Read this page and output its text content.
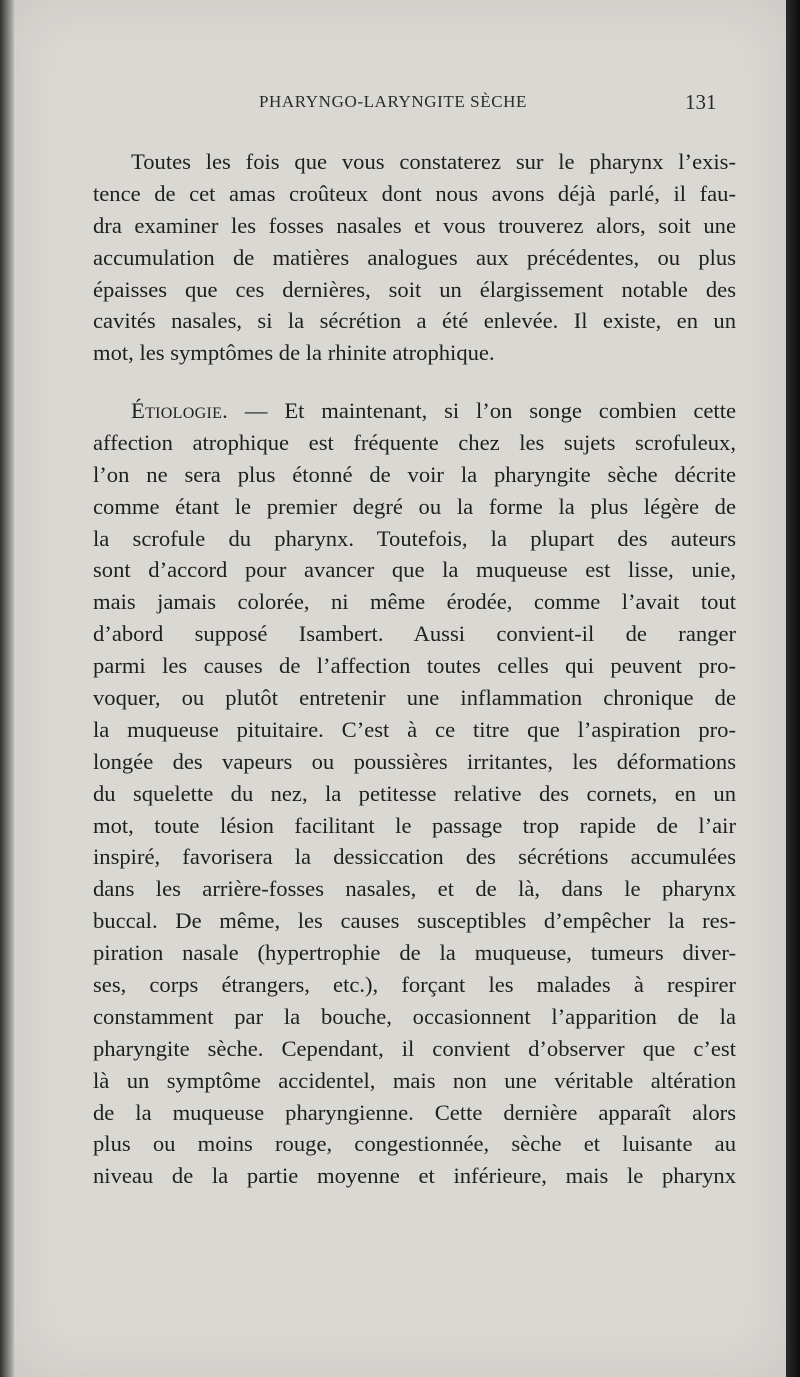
PHARYNGO-LARYNGITE SÈCHE	131
Toutes les fois que vous constaterez sur le pharynx l’exis-
tence de cet amas croûteux dont nous avons déjà parlé, il fau-
dra examiner les fosses nasales et vous trouverez alors, soit une
accumulation de matières analogues aux précédentes, ou plus
épaisses que ces dernières, soit un élargissement notable des
cavités nasales, si la sécrétion a été enlevée. Il existe, en un
mot, les symptômes de la rhinite atrophique.
Étiologie. — Et maintenant, si l’on songe combien cette
affection atrophique est fréquente chez les sujets scrofuleux,
l’on ne sera plus étonné de voir la pharyngite sèche décrite
comme étant le premier degré ou la forme la plus légère de
la scrofule du pharynx. Toutefois, la plupart des auteurs
sont d’accord pour avancer que la muqueuse est lisse, unie,
mais jamais colorée, ni même érodée, comme l’avait tout
d’abord supposé Isambert. Aussi convient-il de ranger
parmi les causes de l’affection toutes celles qui peuvent pro-
voquer, ou plutôt entretenir une inflammation chronique de
la muqueuse pituitaire. C’est à ce titre que l’aspiration pro-
longée des vapeurs ou poussières irritantes, les déformations
du squelette du nez, la petitesse relative des cornets, en un
mot, toute lésion facilitant le passage trop rapide de l’air
inspiré, favorisera la dessiccation des sécrétions accumulées
dans les arrière-fosses nasales, et de là, dans le pharynx
buccal. De même, les causes susceptibles d’empêcher la res-
piration nasale (hypertrophie de la muqueuse, tumeurs diver-
ses, corps étrangers, etc.), forçant les malades à respirer
constamment par la bouche, occasionnent l’apparition de la
pharyngite sèche. Cependant, il convient d’observer que c’est
là un symptôme accidentel, mais non une véritable altération
de la muqueuse pharyngienne. Cette dernière apparaît alors
plus ou moins rouge, congestionnée, sèche et luisante au
niveau de la partie moyenne et inférieure, mais le pharynx
